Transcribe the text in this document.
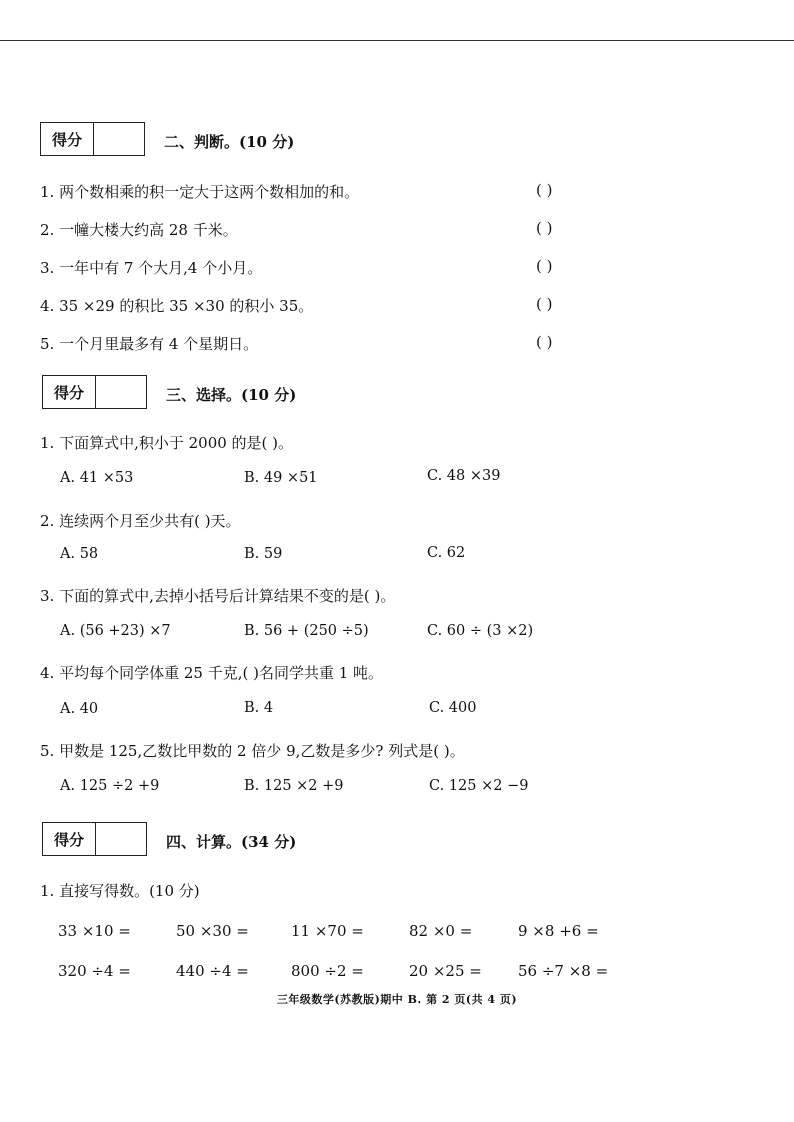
得分	二、判断。(10 分)
1. 两个数相乘的积一定大于这两个数相加的和。	( )
2. 一幢大楼大约高 28 千米。	( )
3. 一年中有 7 个大月,4 个小月。	( )
4. 35 ×29 的积比 35 ×30 的积小 35。	( )
5. 一个月里最多有 4 个星期日。	( )
得分	三、选择。(10 分)
1. 下面算式中,积小于 2000 的是( )。
A. 41 ×53	B. 49 ×51	C. 48 ×39
2. 连续两个月至少共有( )天。
A. 58	B. 59	C. 62
3. 下面的算式中,去掉小括号后计算结果不变的是( )。
A. (56 +23) ×7	B. 56 + (250 ÷5)	C. 60 ÷ (3 ×2)
4. 平均每个同学体重 25 千克,( )名同学共重 1 吨。
A. 40	B. 4	C. 400
5. 甲数是 125,乙数比甲数的 2 倍少 9,乙数是多少? 列式是( )。
A. 125 ÷2 +9	B. 125 ×2 +9	C. 125 ×2 −9
得分	四、计算。(34 分)
1. 直接写得数。(10 分)
33 ×10 =	50 ×30 =	11 ×70 =	82 ×0 =	9 ×8 +6 =
320 ÷4 =	440 ÷4 =	800 ÷2 =	20 ×25 = 56 ÷7 ×8 =
三年级数学(苏教版)期中 B. 第 2 页(共 4 页)
